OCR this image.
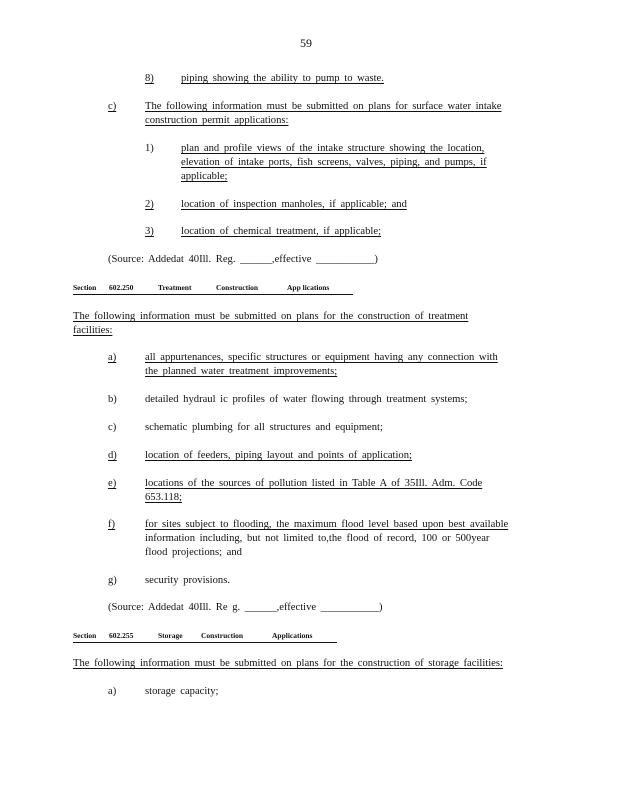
59
8)	piping showing the ability to pump to waste.
c)	The following information must be submitted on plans for surface water intake
construction permit applications:
1)	plan and profile views of the intake structure showing the location,
elevation of intake ports, fish screens, valves, piping, and pumps, if
applicable;
2)	location of inspection manholes, if applicable; and
3)	location of chemical treatment, if applicable;
(Source: Addedat 40Ill. Reg. ______,effective ___________)
Section 602.250	Treatment	Construction	App lications
The following information must be submitted on plans for the construction of treatment
facilities:
a)	all appurtenances, specific structures or equipment having any connection with
the planned water treatment improvements;
b)	detailed hydraul ic profiles of water flowing through treatment systems;
c)	schematic plumbing for all structures and equipment;
d)	location of feeders, piping layout and points of application;
e)	locations of the sources of pollution listed in Table A of 35Ill. Adm. Code
653.118;
f)	for sites subject to flooding, the maximum flood level based upon best available
information including, but not limited to,the flood of record, 100 or 500year
flood projections; and
g)	security provisions.
(Source: Addedat 40Ill. Re g. ______,effective ___________)
Section 602.255	Storage Construction	Applications
The following information must be submitted on plans for the construction of storage facilities:
a)	storage capacity;
